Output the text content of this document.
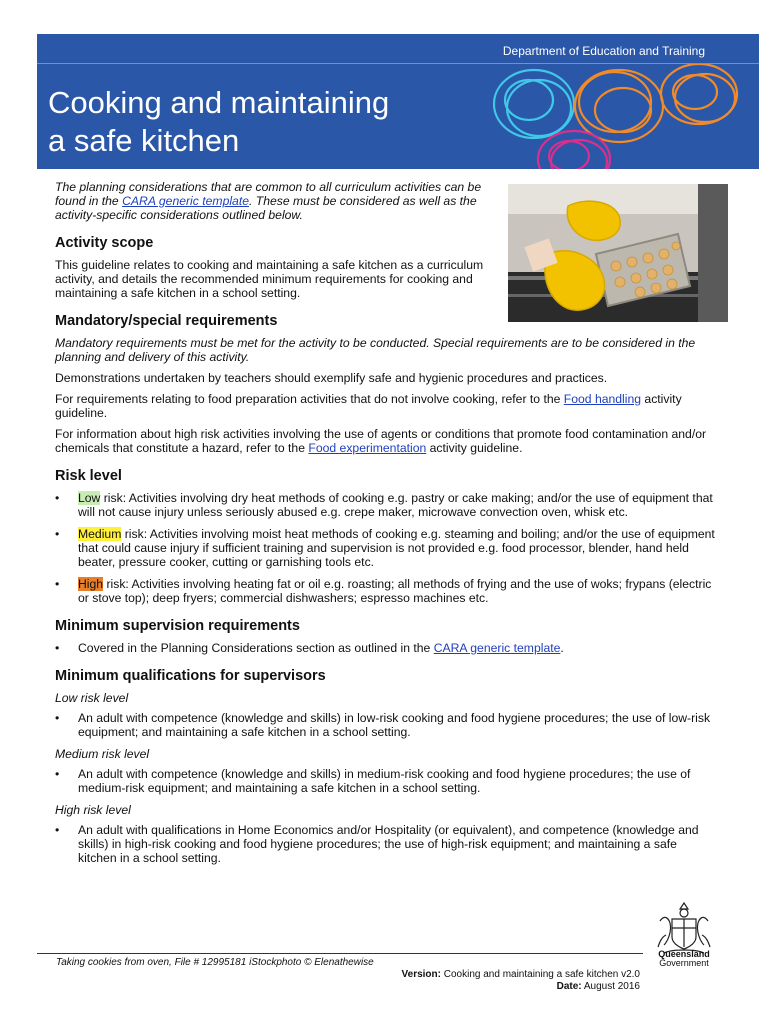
Department of Education and Training
Cooking and maintaining
a safe kitchen

The planning considerations that are common to all curriculum activities can be found in the CARA generic template. These must be considered as well as the activity-specific considerations outlined below.

Activity scope

This guideline relates to cooking and maintaining a safe kitchen as a curriculum activity, and details the recommended minimum requirements for cooking and maintaining a safe kitchen in a school setting.

Mandatory/special requirements

Mandatory requirements must be met for the activity to be conducted. Special requirements are to be considered in the planning and delivery of this activity.

Demonstrations undertaken by teachers should exemplify safe and hygienic procedures and practices.

For requirements relating to food preparation activities that do not involve cooking, refer to the Food handling activity guideline.

For information about high risk activities involving the use of agents or conditions that promote food contamination and/or chemicals that constitute a hazard, refer to the Food experimentation activity guideline.

Risk level
• Low risk: Activities involving dry heat methods of cooking e.g. pastry or cake making; and/or the use of equipment that will not cause injury unless seriously abused e.g. crepe maker, microwave convection oven, whisk etc.
• Medium risk: Activities involving moist heat methods of cooking e.g. steaming and boiling; and/or the use of equipment that could cause injury if sufficient training and supervision is not provided e.g. food processor, blender, hand held beater, pressure cooker, cutting or garnishing tools etc.
• High risk: Activities involving heating fat or oil e.g. roasting; all methods of frying and the use of woks; frypans (electric or stove top); deep fryers; commercial dishwashers; espresso machines etc.
Minimum supervision requirements
• Covered in the Planning Considerations section as outlined in the CARA generic template.
Minimum qualifications for supervisors
Low risk level
• An adult with competence (knowledge and skills) in low-risk cooking and food hygiene procedures; the use of low-risk equipment; and maintaining a safe kitchen in a school setting.
Medium risk level
• An adult with competence (knowledge and skills) in medium-risk cooking and food hygiene procedures; the use of medium-risk equipment; and maintaining a safe kitchen in a school setting.
High risk level
• An adult with qualifications in Home Economics and/or Hospitality (or equivalent), and competence (knowledge and skills) in high-risk cooking and food hygiene procedures; the use of high-risk equipment; and maintaining a safe kitchen in a school setting.
Taking cookies from oven, File # 12995181 iStockphoto © Elenathewise
Version: Cooking and maintaining a safe kitchen v2.0
Date: August 2016
Queensland
Government
